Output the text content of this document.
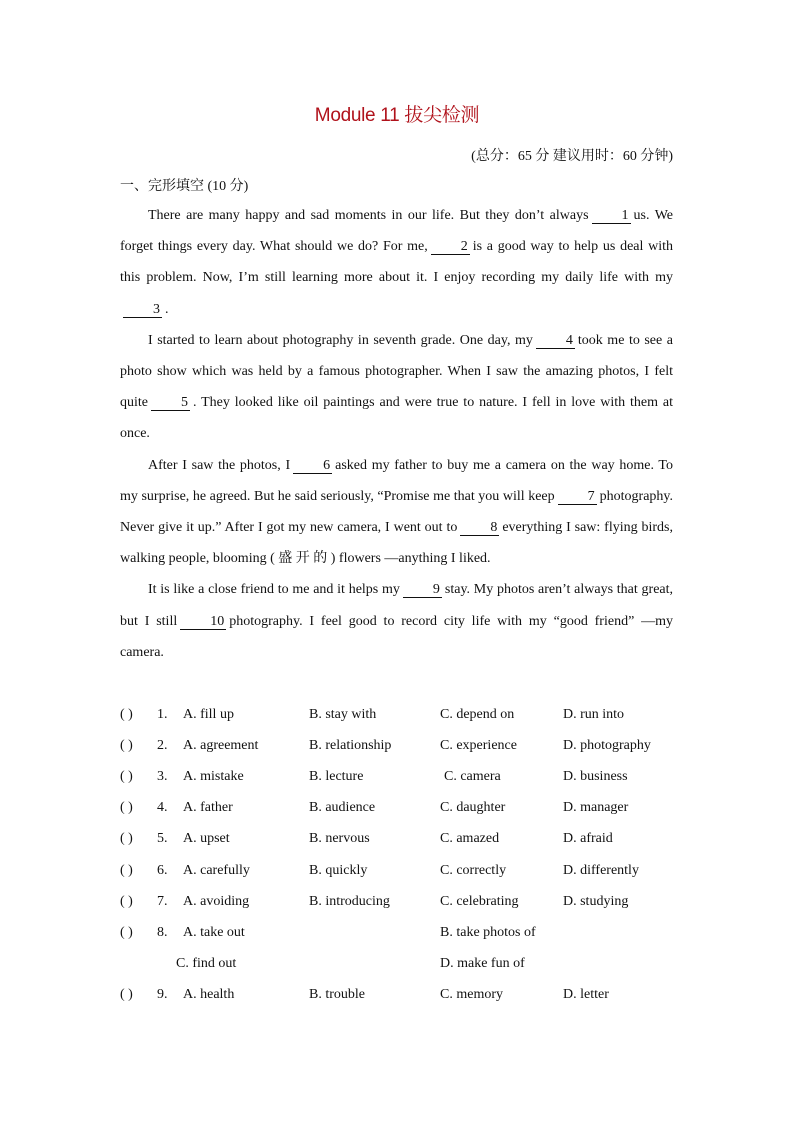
Module 11 拔尖检测
(总分：65 分 建议用时：60 分钟)
一、完形填空 (10 分)

There are many happy and sad moments in our life. But they don’t always 1 us. We forget things every day. What should we do? For me, 2 is a good way to help us deal with this problem. Now, I’m still learning more about it. I enjoy recording my daily life with my3 .

I started to learn about photography in seventh grade. One day, my 4 took me to see a photo show which was held by a famous photographer. When I saw the amazing photos, I felt quite 5 . They looked like oil paintings and were true to nature. I fell in love with them at once.

After I saw the photos, I 6 asked my father to buy me a camera on the way home. To my surprise, he agreed. But he said seriously, “Promise me that you will keep 7 photography. Never give it up.” After I got my new camera, I went out to 8 everything I saw: flying birds, walking people, blooming ( 盛 开 的 ) flowers —anything I liked.

It is like a close friend to me and it helps my 9 stay. My photos aren’t always that great, but I still 10 photography. I feel good to record city life with my “good friend” —my camera.

( ) 1. A. fill up	B. stay with	C. depend on	D. run into
( ) 2. A. agreement	B. relationship	C. experience	D. photography
( ) 3. A. mistake	B. lecture	C. camera	D. business
( ) 4. A. father	B. audience	C. daughter	D. manager
( ) 5. A. upset	B. nervous	C. amazed	D. afraid
( ) 6. A. carefully	B. quickly	C. correctly	D. differently
( ) 7. A. avoiding	B. introducing	C. celebrating	D. studying
( ) 8. A. take out	B. take photos of
C. find out	D. make fun of
( ) 9. A. health	B. trouble	C. memory	D. letter
